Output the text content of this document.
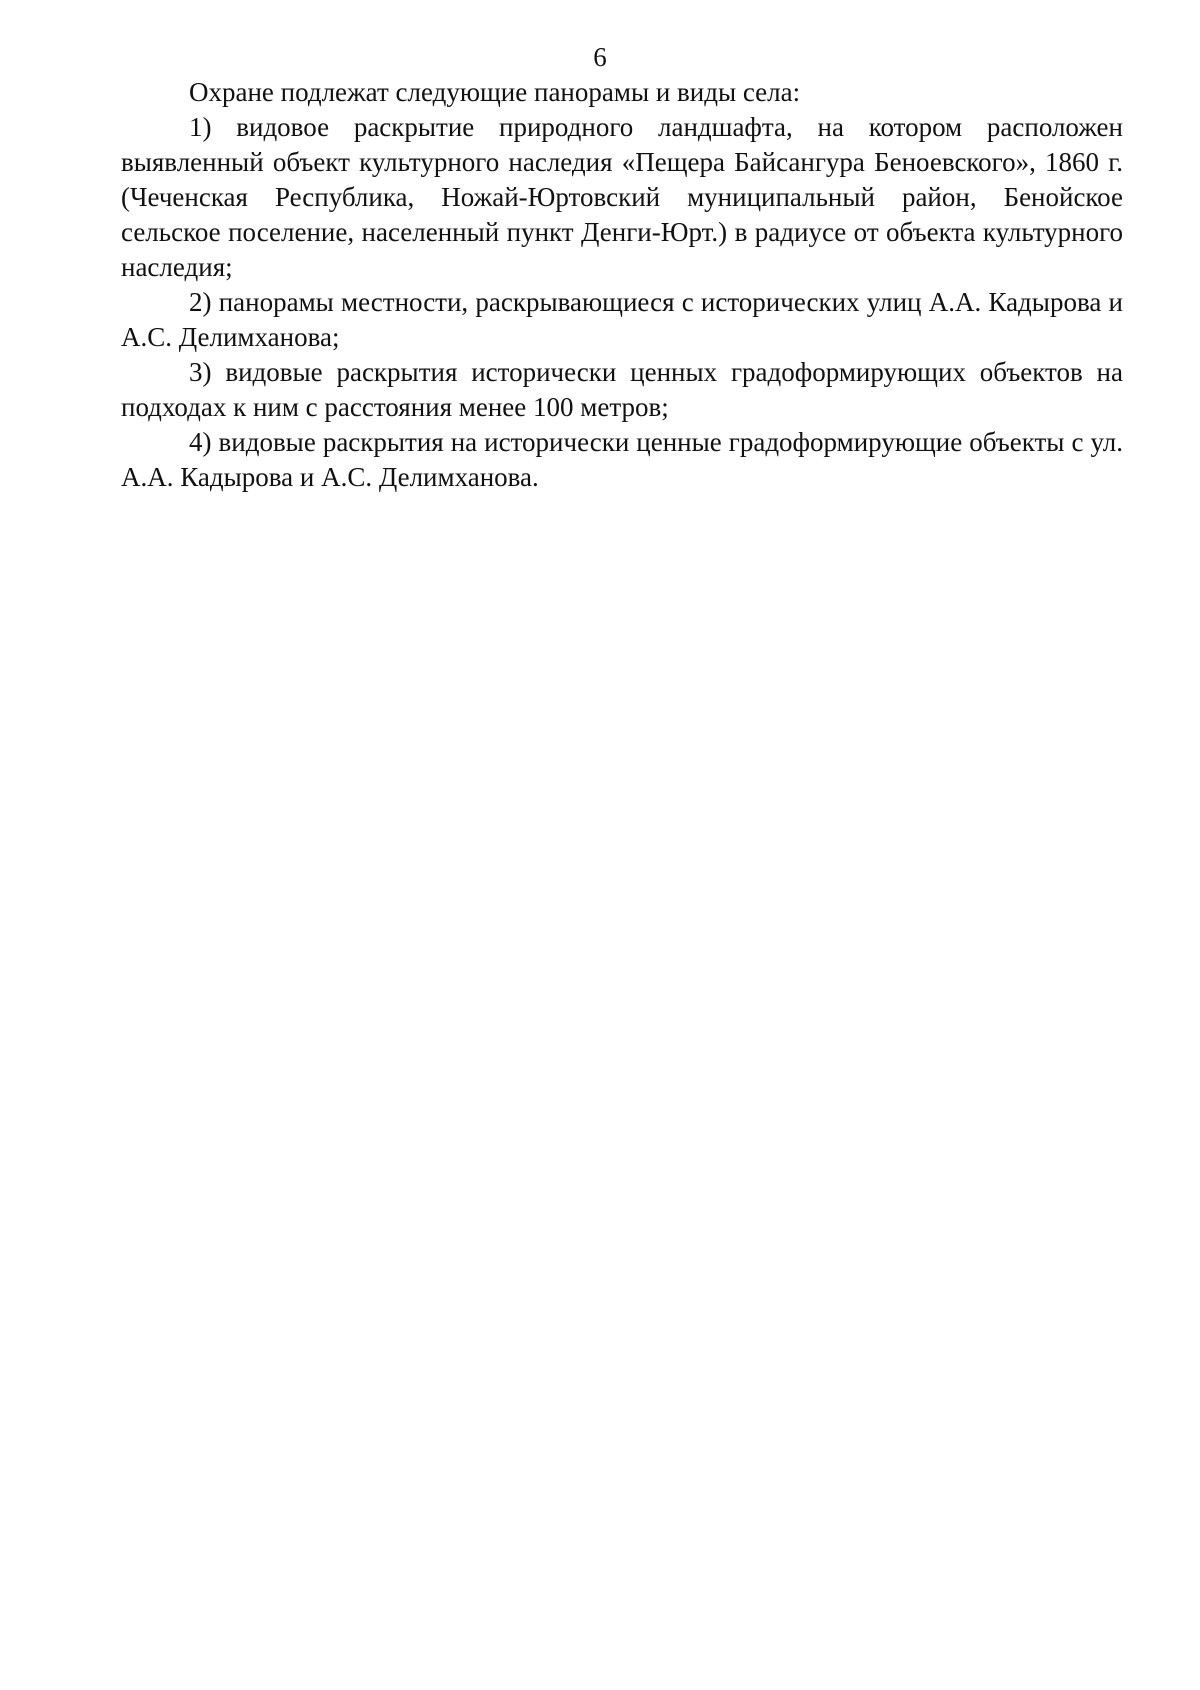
6

Охране подлежат следующие панорамы и виды села:

1) видовое раскрытие природного ландшафта, на котором расположен выявленный объект культурного наследия «Пещера Байсангура Беноевского», 1860 г. (Чеченская Республика, Ножай-Юртовский муниципальный район, Бенойское сельское поселение, населенный пункт Денги-Юрт.) в радиусе от объекта культурного наследия;

2) панорамы местности, раскрывающиеся с исторических улиц А.А. Кадырова и А.С. Делимханова;

3) видовые раскрытия исторически ценных градоформирующих объектов на подходах к ним с расстояния менее 100 метров;

4) видовые раскрытия на исторически ценные градоформирующие объекты с ул. А.А. Кадырова и А.С. Делимханова.
